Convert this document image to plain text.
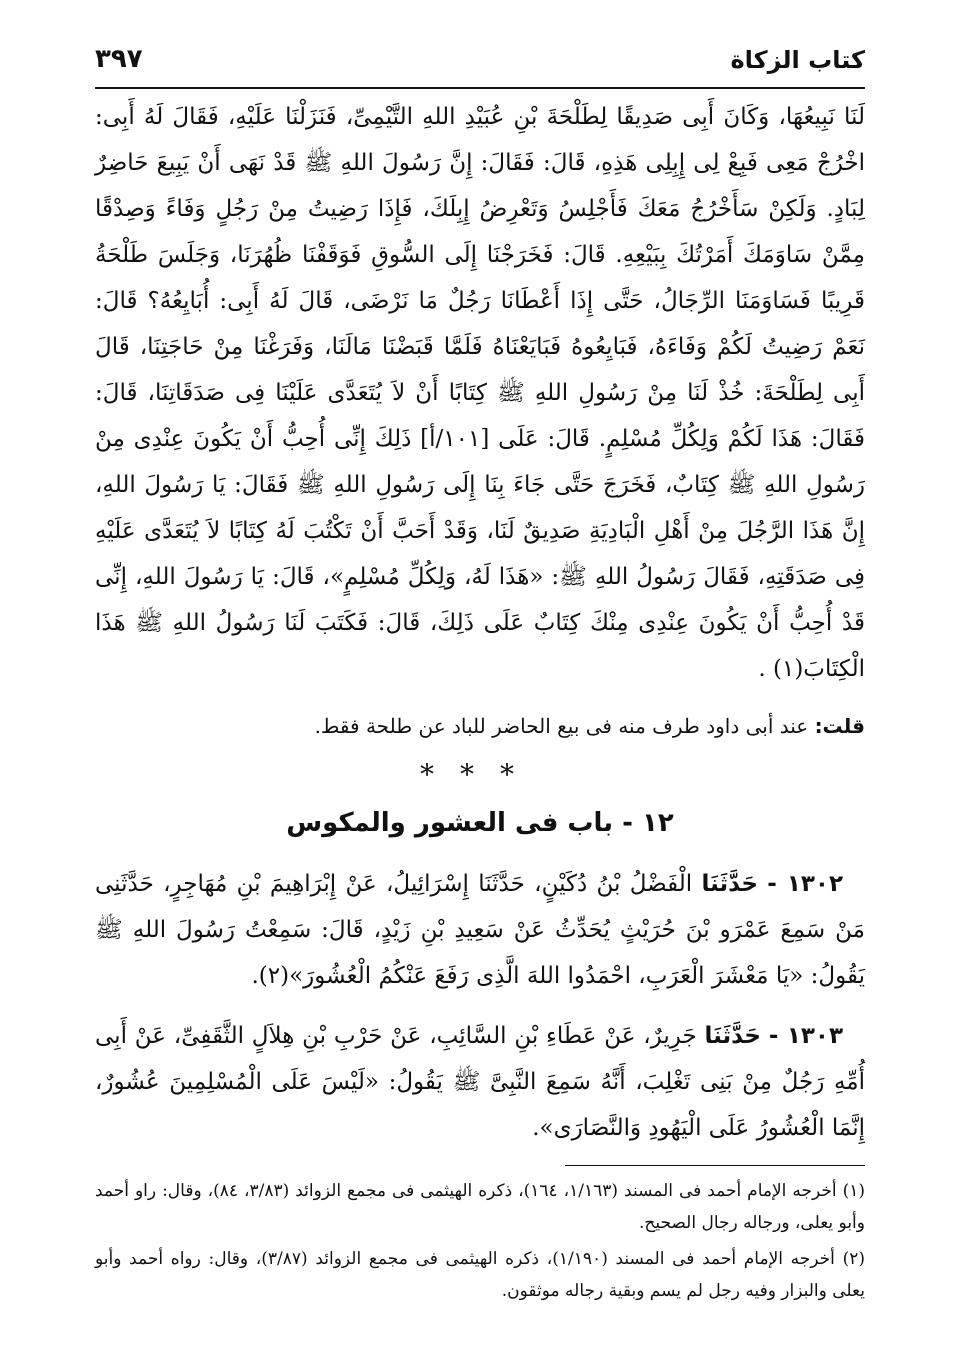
كتاب الزكاة
٣٩٧

لَنَا نَبِيعُهَا، وَكَانَ أَبِى صَدِيقًا لِطَلْحَةَ بْنِ عُبَيْدِ اللهِ التَّيْمِىِّ، فَنَزَلْنَا عَلَيْهِ، فَقَالَ لَهُ أَبِى: اخْرُجْ مَعِى فَبِعْ لِى إِبِلِى هَذِهِ، قَالَ: فَقَالَ: إِنَّ رَسُولَ اللهِ ﷺ قَدْ نَهَى أَنْ يَبِيعَ حَاضِرٌ لِبَادٍ. وَلَكِنْ سَأَخْرُجُ مَعَكَ فَأَجْلِسُ وَتَعْرِضُ إِبِلَكَ، فَإِذَا رَضِيتُ مِنْ رَجُلٍ وَفَاءً وَصِدْقًا مِمَّنْ سَاوَمَكَ أَمَرْتُكَ بِبَيْعِهِ. قَالَ: فَخَرَجْنَا إِلَى السُّوقِ فَوَقَفْنَا ظُهُرَنَا، وَجَلَسَ طَلْحَةُ قَرِيبًا فَسَاوَمَنَا الرِّجَالُ، حَتَّى إِذَا أَعْطَانَا رَجُلٌ مَا نَرْضَى، قَالَ لَهُ أَبِى: أُبَايِعُهُ؟ قَالَ: نَعَمْ رَضِيتُ لَكُمْ وَفَاءَهُ، فَبَايِعُوهُ فَبَايَعْنَاهُ فَلَمَّا قَبَضْنَا مَالَنَا، وَفَرَغْنَا مِنْ حَاجَتِنَا، قَالَ أَبِى لِطَلْحَةَ: خُذْ لَنَا مِنْ رَسُولِ اللهِ ﷺ كِتَابًا أَنْ لاَ يُتَعَدَّى عَلَيْنَا فِى صَدَقَاتِنَا، قَالَ: فَقَالَ: هَذَا لَكُمْ وَلِكُلِّ مُسْلِمٍ. قَالَ: عَلَى [١٠١/أ] ذَلِكَ إِنِّى أُحِبُّ أَنْ يَكُونَ عِنْدِى مِنْ رَسُولِ اللهِ ﷺ كِتَابٌ، فَخَرَجَ حَتَّى جَاءَ بِنَا إِلَى رَسُولِ اللهِ ﷺ فَقَالَ: يَا رَسُولَ اللهِ، إِنَّ هَذَا الرَّجُلَ مِنْ أَهْلِ الْبَادِيَةِ صَدِيقٌ لَنَا، وَقَدْ أَحَبَّ أَنْ تَكْتُبَ لَهُ كِتَابًا لاَ يُتَعَدَّى عَلَيْهِ فِى صَدَقَتِهِ، فَقَالَ رَسُولُ اللهِ ﷺ: «هَذَا لَهُ، وَلِكُلِّ مُسْلِمٍ»، قَالَ: يَا رَسُولَ اللهِ، إِنِّى قَدْ أُحِبُّ أَنْ يَكُونَ عِنْدِى مِنْكَ كِتَابٌ عَلَى ذَلِكَ، قَالَ: فَكَتَبَ لَنَا رَسُولُ اللهِ ﷺ هَذَا الْكِتَابَ(١) .

قلت: عند أبى داود طرف منه فى بيع الحاضر للباد عن طلحة فقط.
***
١٢ - باب فى العشور والمكوس

١٣٠٢ - حَدَّثَنَا الْفَضْلُ بْنُ دُكَيْنٍ، حَدَّثَنَا إِسْرَائِيلُ، عَنْ إِبْرَاهِيمَ بْنِ مُهَاجِرٍ، حَدَّثَنِى مَنْ سَمِعَ عَمْرَو بْنَ حُرَيْثٍ يُحَدِّثُ عَنْ سَعِيدِ بْنِ زَيْدٍ، قَالَ: سَمِعْتُ رَسُولَ اللهِ ﷺ يَقُولُ: «يَا مَعْشَرَ الْعَرَبِ، احْمَدُوا اللهَ الَّذِى رَفَعَ عَنْكُمُ الْعُشُورَ»(٢).

١٣٠٣ - حَدَّثَنَا جَرِيرٌ، عَنْ عَطَاءِ بْنِ السَّائِبِ، عَنْ حَرْبِ بْنِ هِلاَلٍ الثَّقَفِىِّ، عَنْ أَبِى أُمِّهِ رَجُلٌ مِنْ بَنِى تَغْلِبَ، أَنَّهُ سَمِعَ النَّبِىَّ ﷺ يَقُولُ: «لَيْسَ عَلَى الْمُسْلِمِينَ عُشُورٌ، إِنَّمَا الْعُشُورُ عَلَى الْيَهُودِ وَالنَّصَارَى».

(١) أخرجه الإمام أحمد فى المسند (١/١٦٣، ١٦٤)، ذكره الهيثمى فى مجمع الزوائد (٣/٨٣، ٨٤)، وقال: راو أحمد وأبو يعلى، ورجاله رجال الصحيح.

(٢) أخرجه الإمام أحمد فى المسند (١/١٩٠)، ذكره الهيثمى فى مجمع الزوائد (٣/٨٧)، وقال: رواه أحمد وأبو يعلى والبزار وفيه رجل لم يسم وبقية رجاله موثقون.
